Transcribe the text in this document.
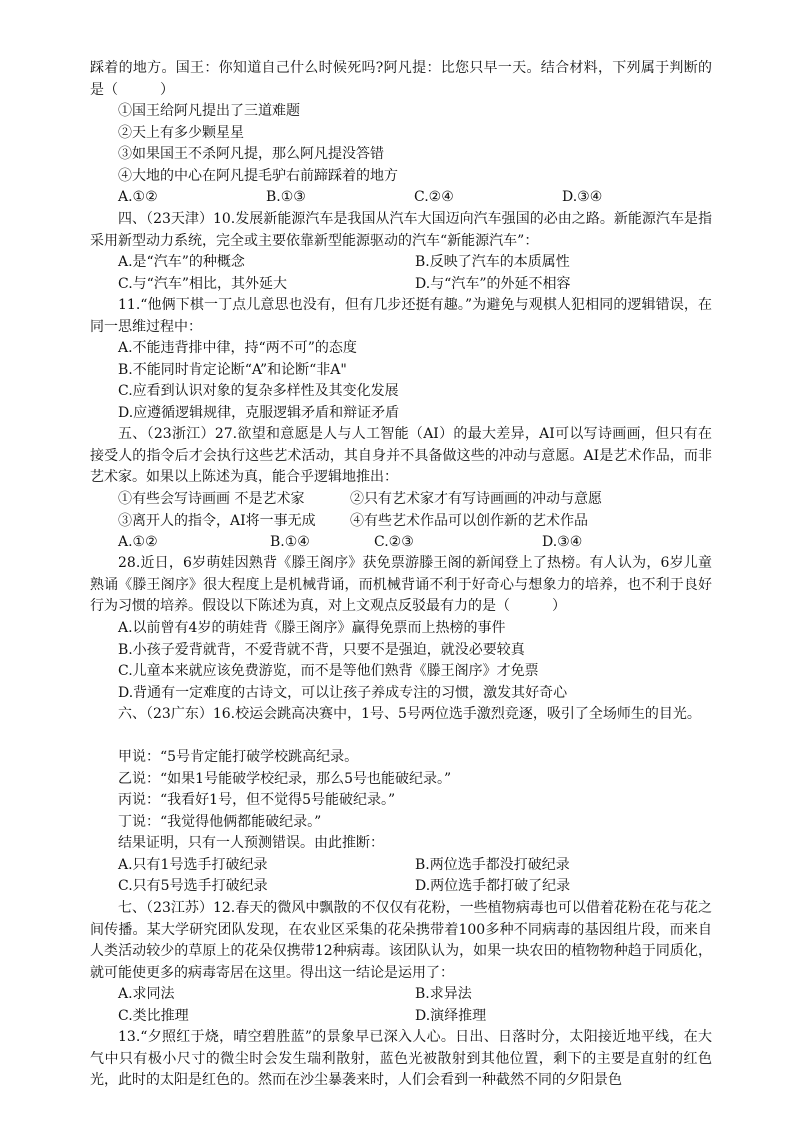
踩着的地方。国王：你知道自己什么时候死吗?阿凡提：比您只早一天。结合材料，下列属于判断的是（　　　）
①国王给阿凡提出了三道难题
②天上有多少颗星星
③如果国王不杀阿凡提，那么阿凡提没答错
④大地的中心在阿凡提毛驴右前蹄踩着的地方
A.①②	B.①③	C.②④	D.③④
四、（23天津）10.发展新能源汽车是我国从汽车大国迈向汽车强国的必由之路。新能源汽车是指采用新型动力系统，完全或主要依靠新型能源驱动的汽车“新能源汽车”：
A.是“汽车”的种概念	B.反映了汽车的本质属性
C.与“汽车”相比，其外延大	D.与“汽车”的外延不相容
11.“他俩下棋一丁点儿意思也没有，但有几步还挺有趣。”为避免与观棋人犯相同的逻辑错误，在同一思维过程中：
A.不能违背排中律，持“两不可”的态度
B.不能同时肯定论断“A”和论断“非A"
C.应看到认识对象的复杂多样性及其变化发展
D.应遵循逻辑规律，克服逻辑矛盾和辩证矛盾
五、（23浙江）27.欲望和意愿是人与人工智能（AI）的最大差异，AI可以写诗画画，但只有在接受人的指令后才会执行这些艺术活动，其自身并不具备做这些的冲动与意愿。AI是艺术作品，而非艺术家。如果以上陈述为真，能合乎逻辑地推出：
①有些会写诗画画 不是艺术家	②只有艺术家才有写诗画画的冲动与意愿
③离开人的指令，AI将一事无成	④有些艺术作品可以创作新的艺术作品
A.①②	B.①④	C.②③	D.③④
28.近日，6岁萌娃因熟背《滕王阁序》获免票游滕王阁的新闻登上了热榜。有人认为，6岁儿童熟诵《滕王阁序》很大程度上是机械背诵，而机械背诵不利于好奇心与想象力的培养，也不利于良好行为习惯的培养。假设以下陈述为真，对上文观点反驳最有力的是（　　　）
A.以前曾有4岁的萌娃背《滕王阁序》赢得免票而上热榜的事件
B.小孩子爱背就背，不爱背就不背，只要不是强迫，就没必要较真
C.儿童本来就应该免费游览，而不是等他们熟背《滕王阁序》才免票
D.背通有一定难度的古诗文，可以让孩子养成专注的习惯，激发其好奇心
六、（23广东）16.校运会跳高决赛中，1号、5号两位选手激烈竞逐，吸引了全场师生的目光。
甲说：“5号肯定能打破学校跳高纪录。
乙说：“如果1号能破学校纪录，那么5号也能破纪录。”
丙说：“我看好1号，但不觉得5号能破纪录。”
丁说：“我觉得他俩都能破纪录。”
结果证明，只有一人预测错误。由此推断：
A.只有1号选手打破纪录	B.两位选手都没打破纪录
C.只有5号选手打破纪录	D.两位选手都打破了纪录
七、（23江苏）12.春天的微风中飘散的不仅仅有花粉，一些植物病毒也可以借着花粉在花与花之间传播。某大学研究团队发现，在农业区采集的花朵携带着100多种不同病毒的基因组片段，而来自人类活动较少的草原上的花朵仅携带12种病毒。该团队认为，如果一块农田的植物物种趋于同质化，就可能使更多的病毒寄居在这里。得出这一结论是运用了：
A.求同法	B.求异法
C.类比推理	D.演绎推理
13.“夕照红于烧，晴空碧胜蓝”的景象早已深入人心。日出、日落时分，太阳接近地平线，在大气中只有极小尺寸的微尘时会发生瑞利散射，蓝色光被散射到其他位置，剩下的主要是直射的红色光，此时的太阳是红色的。然而在沙尘暴袭来时，人们会看到一种截然不同的夕阳景色
